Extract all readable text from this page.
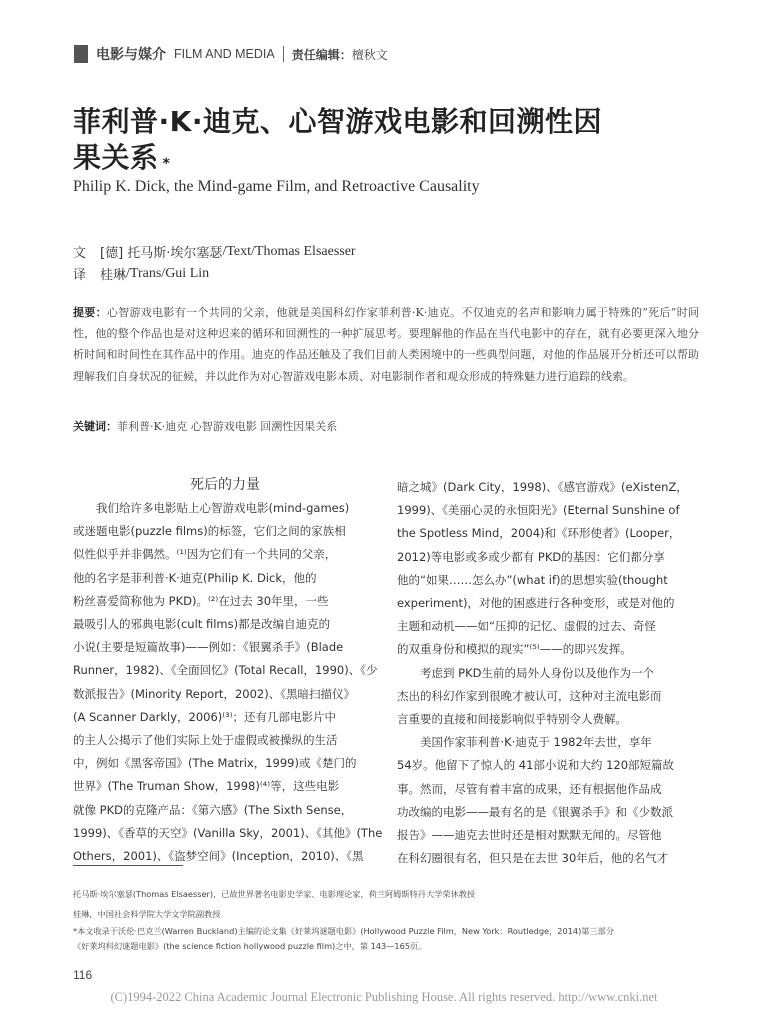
电影与媒介 FILM AND MEDIA 责任编辑：檀秋文
菲利普·K·迪克、心智游戏电影和回溯性因
果关系 *
Philip K. Dick, the Mind-game Film, and Retroactive Causality
文 [德] 托马斯·埃尔塞瑟 /Text/Thomas Elsaesser
译 桂琳 /Trans/Gui Lin
提要：心智游戏电影有一个共同的父亲，他就是美国科幻作家菲利普·K·迪克。不仅迪克的名声和影响力属于特殊的“死后”时间性，他的整个作品也是对这种迟来的循环和回溯性的一种扩展思考。要理解他的作品在当代电影中的存在，就有必要更深入地分析时间和时间性在其作品中的作用。迪克的作品还触及了我们目前人类困境中的一些典型问题，对他的作品展开分析还可以帮助理解我们自身状况的征候，并以此作为对心智游戏电影本质、对电影制作者和观众形成的特殊魅力进行追踪的线索。
关键词：菲利普·K·迪克 心智游戏电影 回溯性因果关系
死后的力量
我们给许多电影贴上心智游戏电影(mind-games)
或迷题电影(puzzle films)的标签，它们之间的家族相
似性似乎并非偶然。⁽¹⁾因为它们有一个共同的父亲，
他的名字是菲利普·K·迪克(Philip K. Dick，他的
粉丝喜爱简称他为 PKD)。⁽²⁾在过去 30年里，一些
最吸引人的邪典电影(cult films)都是改编自迪克的
小说(主要是短篇故事)——例如：《银翼杀手》(Blade
Runner，1982)、《全面回忆》(Total Recall，1990)、《少
数派报告》(Minority Report，2002)、《黑暗扫描仪》
(A Scanner Darkly，2006)⁽³⁾；还有几部电影片中
的主人公揭示了他们实际上处于虚假或被操纵的生活
中，例如《黑客帝国》(The Matrix，1999)或《楚门的
世界》(The Truman Show，1998)⁽⁴⁾等，这些电影
就像 PKD的克隆产品：《第六感》(The Sixth Sense，
1999)、《香草的天空》(Vanilla Sky，2001)、《其他》(The
Others，2001)、《盗梦空间》(Inception，2010)、《黑
暗之城》(Dark City，1998)、《感官游戏》(eXistenZ，
1999)、《美丽心灵的永恒阳光》(Eternal Sunshine of
the Spotless Mind，2004)和《环形使者》(Looper，
2012)等电影或多或少都有 PKD的基因：它们都分享
他的“如果……怎么办”(what if)的思想实验(thought
experiment)，对他的困惑进行各种变形，或是对他的
主题和动机——如“压抑的记忆、虚假的过去、奇怪
的双重身份和模拟的现实”⁽⁵⁾——的即兴发挥。
考虑到 PKD生前的局外人身份以及他作为一个
杰出的科幻作家到很晚才被认可，这种对主流电影而
言重要的直接和间接影响似乎特别令人费解。
美国作家菲利普·K·迪克于 1982年去世，享年
54岁。他留下了惊人的 41部小说和大约 120部短篇故
事。然而，尽管有着丰富的成果，还有根据他作品成
功改编的电影——最有名的是《银翼杀手》和《少数派
报告》——迪克去世时还是相对默默无闻的。尽管他
在科幻圈很有名，但只是在去世 30年后，他的名气才
托马斯·埃尔塞瑟(Thomas Elsaesser)，已故世界著名电影史学家、电影理论家，荷兰阿姆斯特丹大学荣休教授
桂琳，中国社会科学院大学文学院副教授
*本文收录于沃伦·巴克兰(Warren Buckland)主编的论文集《好莱坞谜题电影》(Hollywood Puzzle Film，New York：Routledge，2014)第三部分
《好莱坞科幻谜题电影》(the science fiction hollywood puzzle film)之中，第 143—165页。
116
(C)1994-2022 China Academic Journal Electronic Publishing House. All rights reserved. http://www.cnki.net
